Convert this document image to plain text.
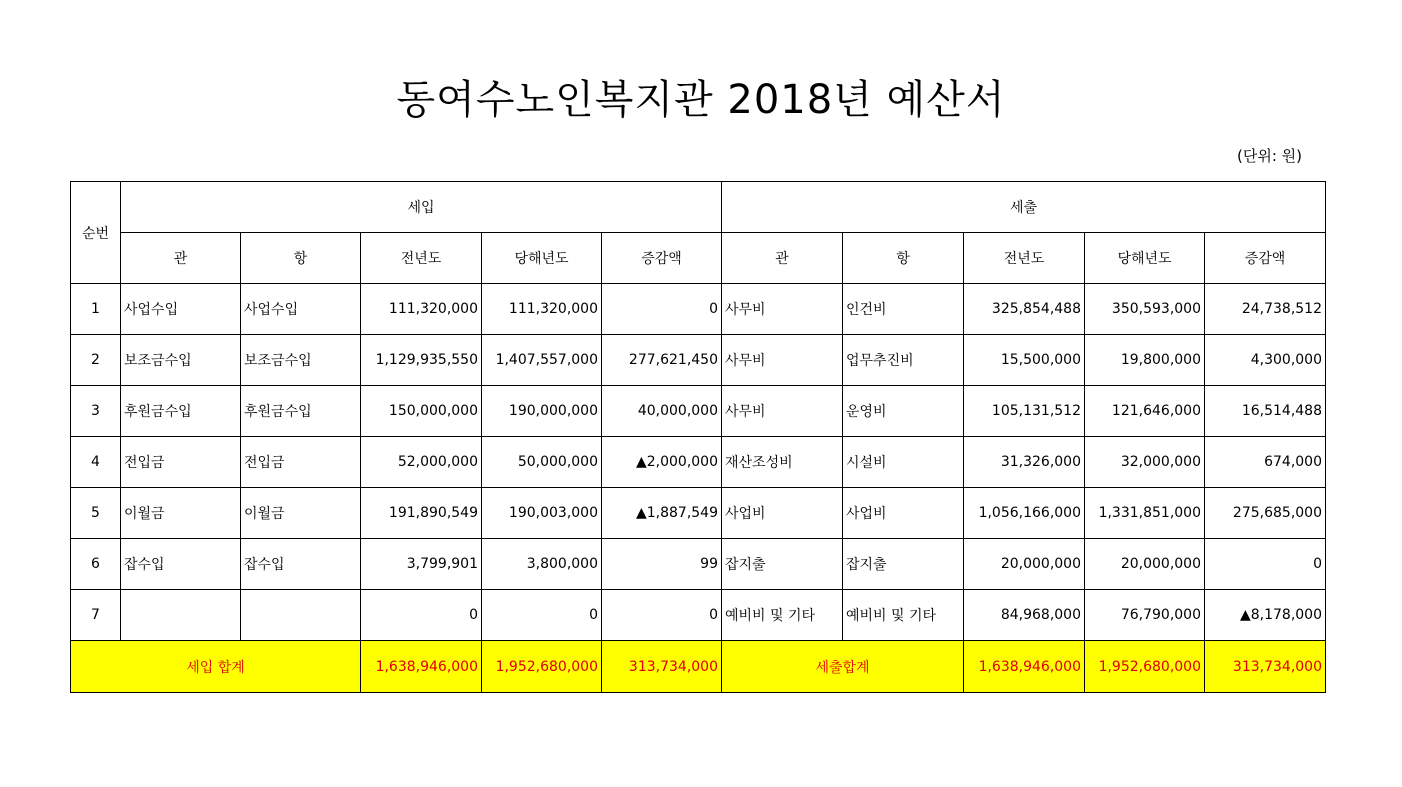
동여수노인복지관 2018년 예산서
(단위: 원)
순번	세입					세출				
	관	항	전년도	당해년도	증감액	관	항	전년도	당해년도	증감액
1	사업수입	사업수입	111,320,000	111,320,000	0	사무비	인건비	325,854,488	350,593,000	24,738,512
2	보조금수입	보조금수입	1,129,935,550	1,407,557,000	277,621,450	사무비	업무추진비	15,500,000	19,800,000	4,300,000
3	후원금수입	후원금수입	150,000,000	190,000,000	40,000,000	사무비	운영비	105,131,512	121,646,000	16,514,488
4	전입금	전입금	52,000,000	50,000,000	▲2,000,000	재산조성비	시설비	31,326,000	32,000,000	674,000
5	이월금	이월금	191,890,549	190,003,000	▲1,887,549	사업비	사업비	1,056,166,000	1,331,851,000	275,685,000
6	잡수입	잡수입	3,799,901	3,800,000	99	잡지출	잡지출	20,000,000	20,000,000	0
7			0	0	0	예비비 및 기타	예비비 및 기타	84,968,000	76,790,000	▲8,178,000
세입 합계			1,638,946,000	1,952,680,000	313,734,000	세출합계		1,638,946,000	1,952,680,000	313,734,000
